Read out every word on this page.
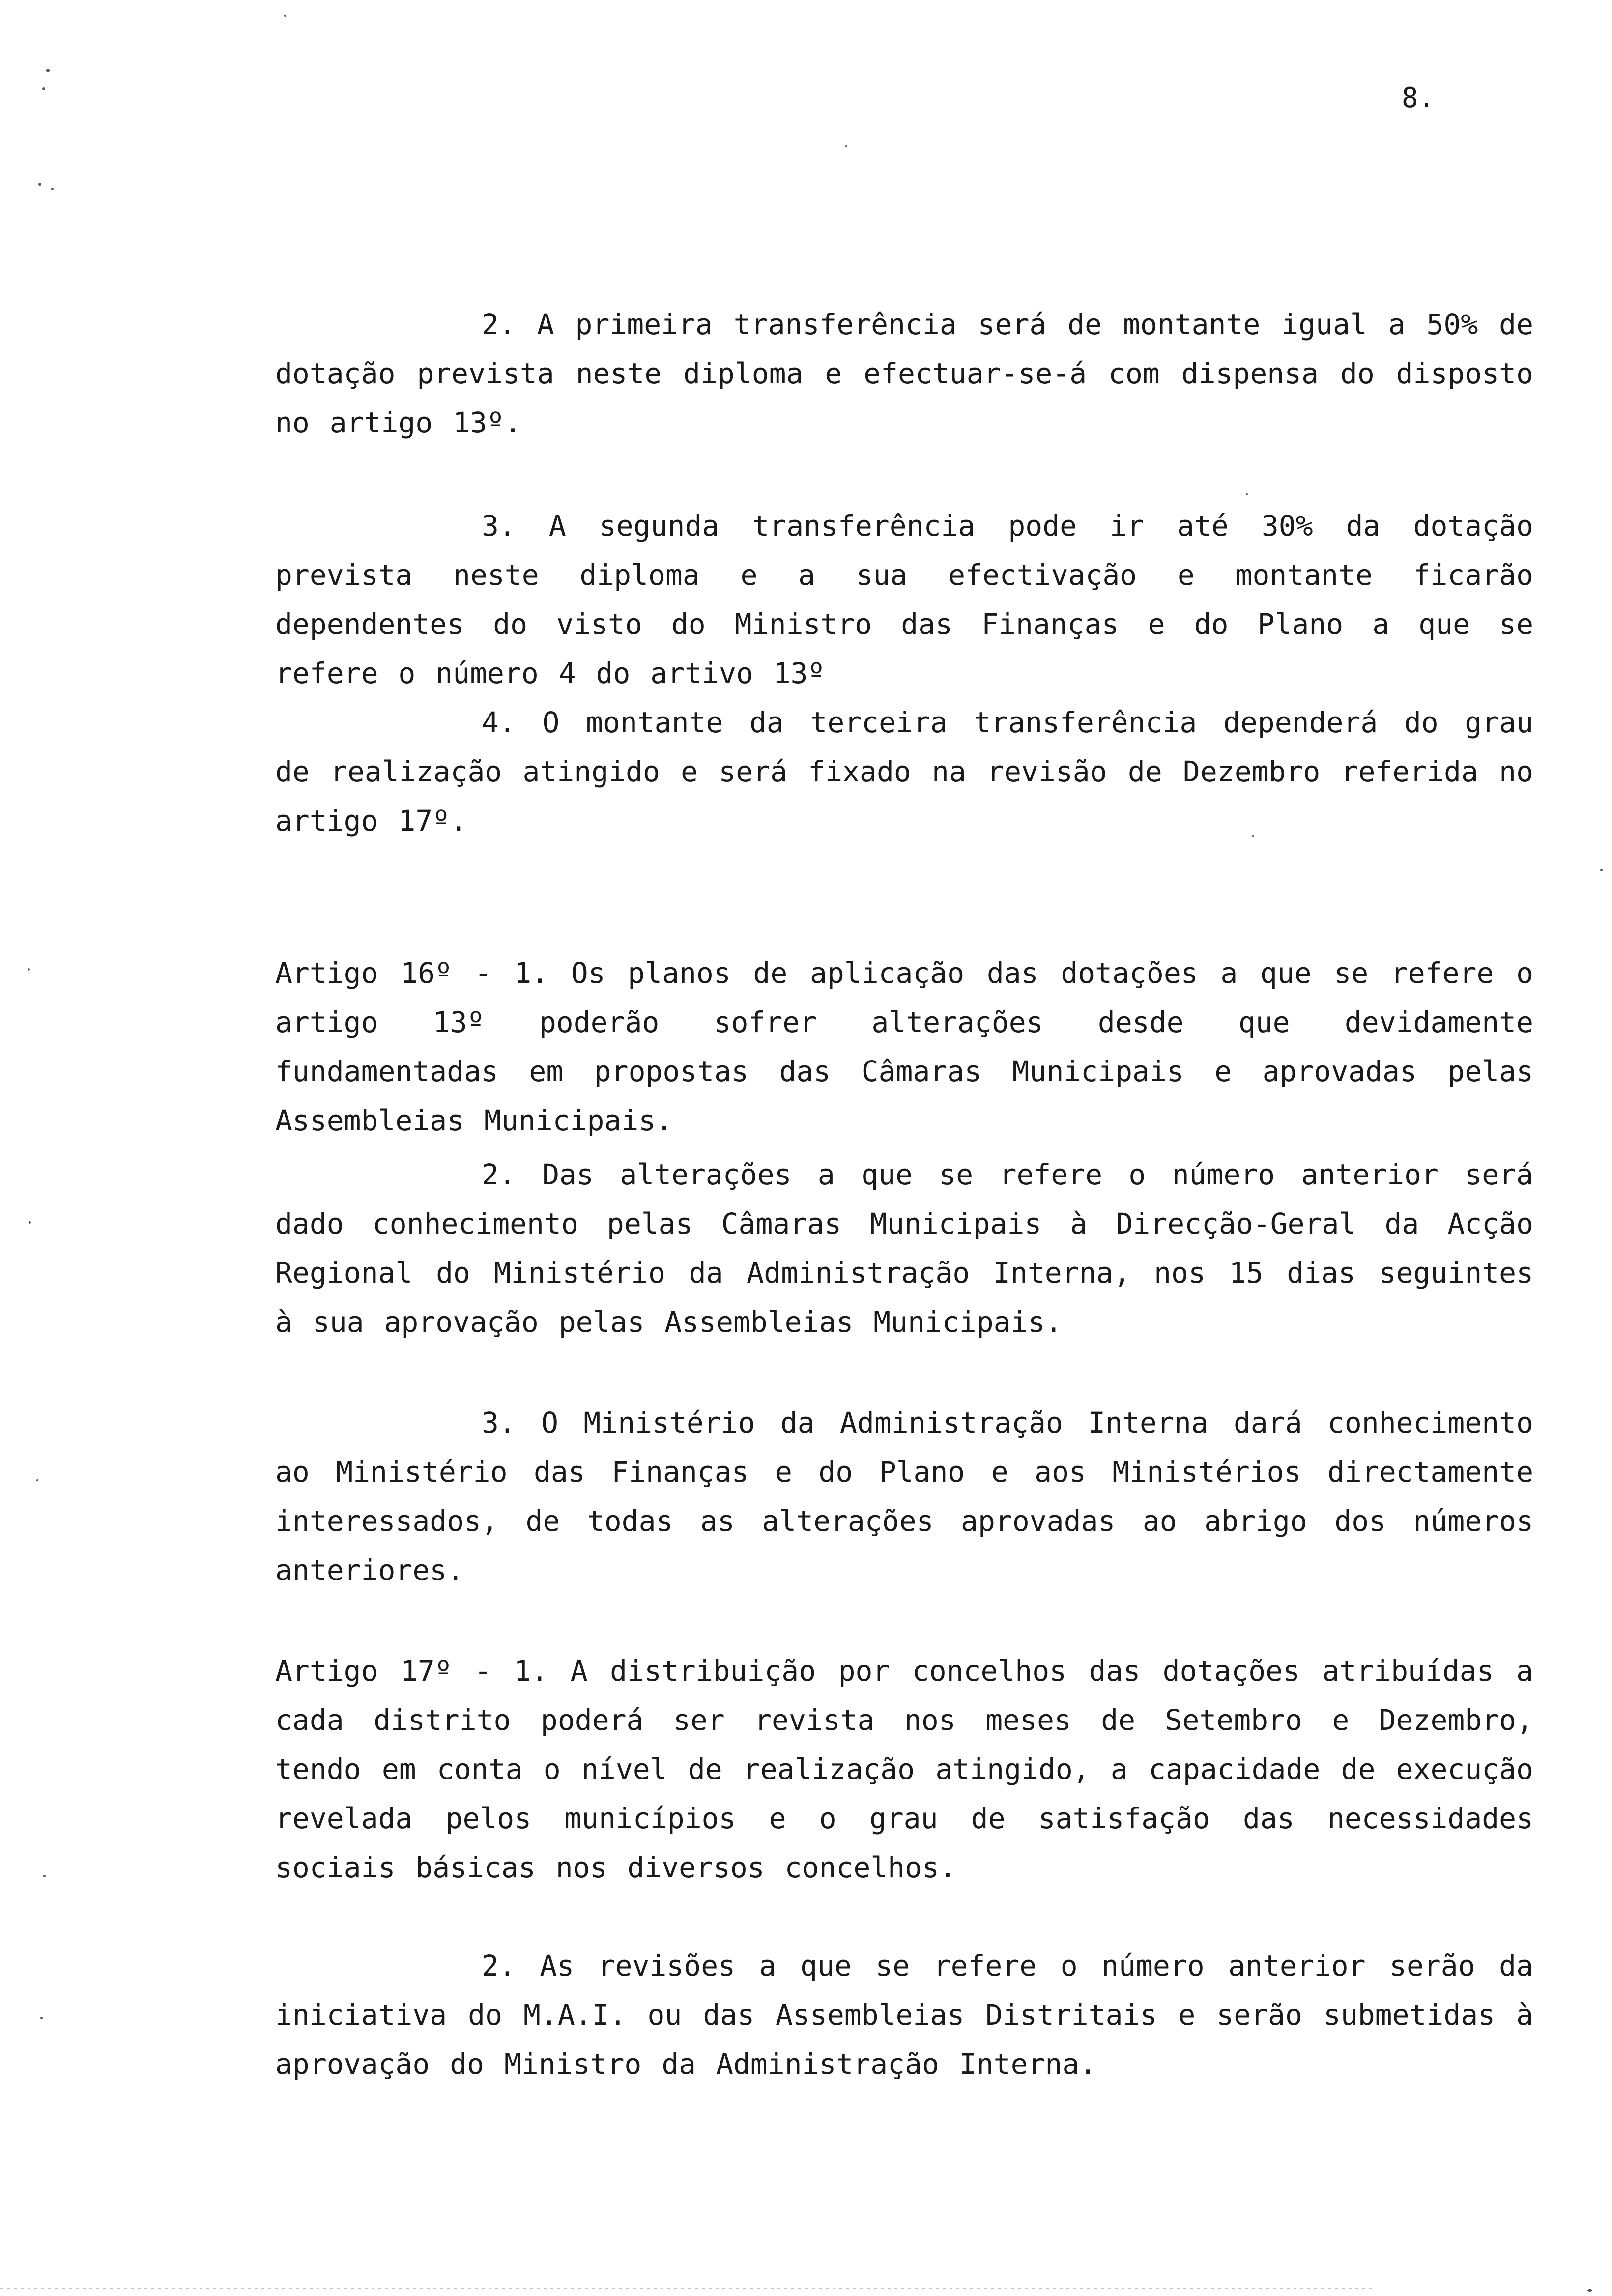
8.

2. A primeira transferência será de montante igual a 50% de dotação prevista neste diploma e efectuar-se-á com dispensa do disposto no artigo 13º.

3. A segunda transferência pode ir até 30% da dotação prevista neste diploma e a sua efectivação e montante ficarão dependentes do visto do Ministro das Finanças e do Plano a que se refere o número 4 do artivo 13º

4. O montante da terceira transferência dependerá do grau de realização atingido e será fixado na revisão de Dezembro referida no artigo 17º.

Artigo 16º - 1. Os planos de aplicação das dotações a que se refere o artigo 13º poderão sofrer alterações desde que devidamente fundamentadas em propostas das Câmaras Municipais e aprovadas pelas Assembleias Municipais.

2. Das alterações a que se refere o número anterior será dado conhecimento pelas Câmaras Municipais à Direcção-Geral da Acção Regional do Ministério da Administração Interna, nos 15 dias seguintes à sua aprovação pelas Assembleias Municipais.

3. O Ministério da Administração Interna dará conhecimento ao Ministério das Finanças e do Plano e aos Ministérios directamente interessados, de todas as alterações aprovadas ao abrigo dos números anteriores.

Artigo 17º - 1. A distribuição por concelhos das dotações atribuídas a cada distrito poderá ser revista nos meses de Setembro e Dezembro, tendo em conta o nível de realização atingido, a capacidade de execução revelada pelos municípios e o grau de satisfação das necessidades sociais básicas nos diversos concelhos.

2. As revisões a que se refere o número anterior serão da iniciativa do M.A.I. ou das Assembleias Distritais e serão submetidas à aprovação do Ministro da Administração Interna.
